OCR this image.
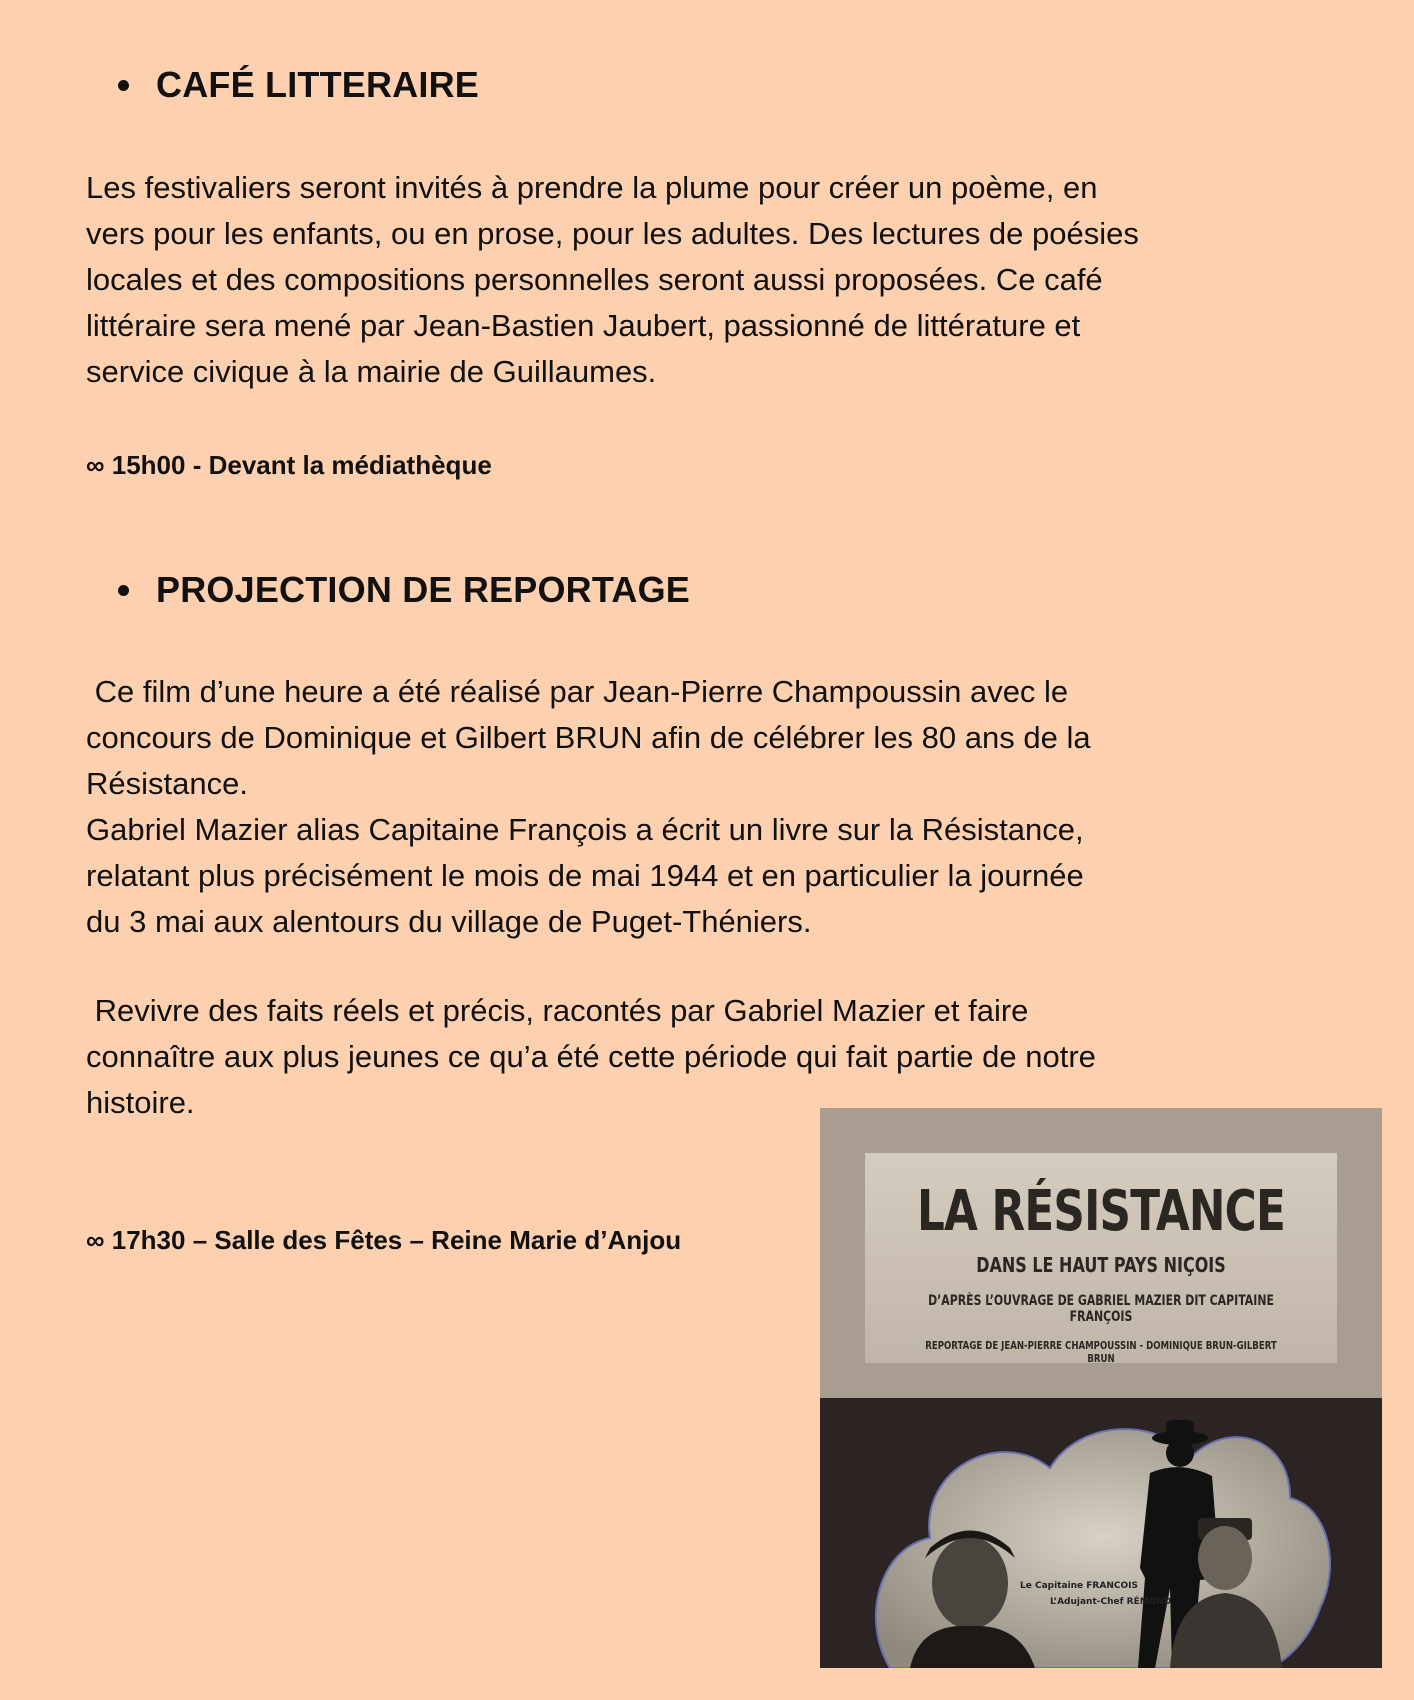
CAFÉ LITTERAIRE

Les festivaliers seront invités à prendre la plume pour créer un poème, en
vers pour les enfants, ou en prose, pour les adultes. Des lectures de poésies
locales et des compositions personnelles seront aussi proposées. Ce café
littéraire sera mené par Jean-Bastien Jaubert, passionné de littérature et
service civique à la mairie de Guillaumes.

∞ 15h00 - Devant la médiathèque

PROJECTION DE REPORTAGE

Ce film d’une heure a été réalisé par Jean-Pierre Champoussin avec le
concours de Dominique et Gilbert BRUN afin de célébrer les 80 ans de la
Résistance.
Gabriel Mazier alias Capitaine François a écrit un livre sur la Résistance,
relatant plus précisément le mois de mai 1944 et en particulier la journée
du 3 mai aux alentours du village de Puget-Théniers.

Revivre des faits réels et précis, racontés par Gabriel Mazier et faire
connaître aux plus jeunes ce qu’a été cette période qui fait partie de notre
histoire.

∞ 17h30 – Salle des Fêtes – Reine Marie d’Anjou	LA RÉSISTANCE
DANS LE HAUT PAYS NIÇOIS
D’APRÈS L’OUVRAGE DE GABRIEL MAZIER DIT CAPITAINE FRANÇOIS
REPORTAGE DE JEAN-PIERRE CHAMPOUSSIN - DOMINIQUE BRUN-GILBERT BRUN
Le Capitaine FRANCOIS
L’Adujant-Chef RÉMOND
